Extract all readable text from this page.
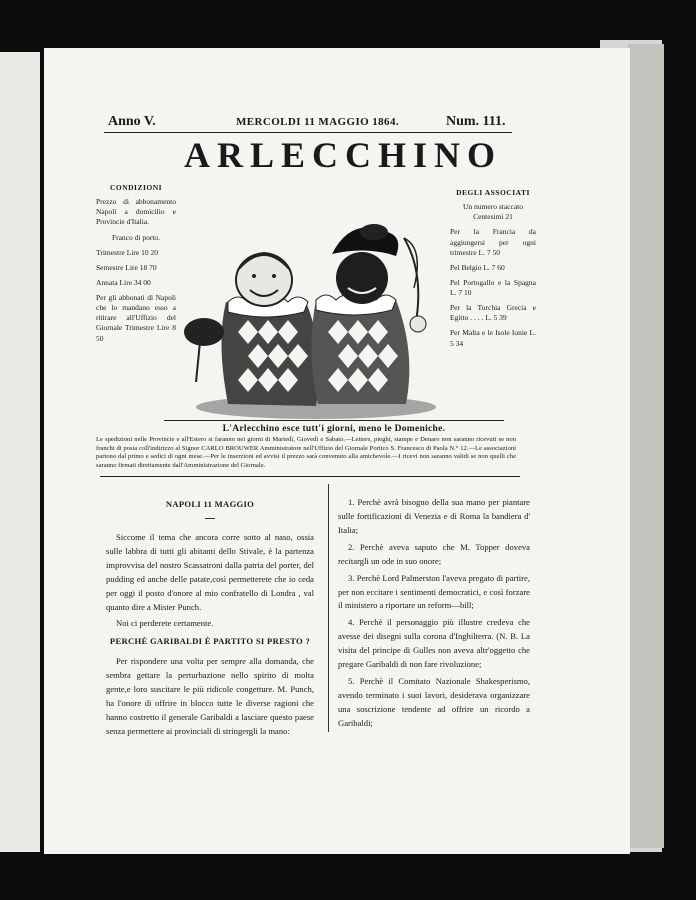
Anno V.	MERCOLDI 11 MAGGIO 1864.	Num. 111.
ARLECCHINO
CONDIZIONI

Prezzo di abbonamento Napoli a domicilio e Provincie d'Italia.

Franco di porto.

Trimestre Lire 10 20

Semestre Lire 18 70

Annata Lire 34 00

Per gli abbonati di Napoli che lo mandano esso a ritirare all'Uffizio del Giornale Trimestre Lire 8 50

DEGLI ASSOCIATI

Un numero staccato Centesimi 21

Per la Francia da aggiungersi per ogni trimestre L. 7 50

Pel Belgio L. 7 60

Pel Portogallo e la Spagna L. 7 10

Per la Turchia Grecia e Egitto . . . . L. 5 39

Per Malta e le Isole Ionie L. 5 34

L'Arlecchino esce tutt'i giorni, meno le Domeniche.
Le spedizioni nelle Provincie e all'Estero si faranno nei giorni di Martedì, Giovedì e Sabato.—Lettere, pieghi, stampe e Denaro non saranno ricevuti se non franchi di posta coll'indirizzo al Signor CARLO BROUWER Amministratore nell'Uffizio del Giornale Portico S. Francesco di Paola N.° 12.—Le associazioni partono dal primo e sedici di ogni mese.—Per le inserzioni ed avvisi il prezzo sarà convenuto alla amichevole.—I ricevi non saranno validi se non quelli che saranno firmati direttamente dall'Amministrazione del Giornale.
NAPOLI 11 MAGGIO

Siccome il tema che ancora corre sotto al naso, ossia sulle labbra di tutti gli abitanti dello Stivale, è la partenza improvvisa del nostro Scassatroni dalla patria del porter, del pudding ed anche delle patate,così permetterete che io ceda per oggi il posto d'onore al mio confratello di Londra , val quanto dire a Mister Punch.

Noi ci perderete certamente.

PERCHÈ GARIBALDI È PARTITO SI PRESTO ?

Per rispondere una volta per sempre alla domanda, che sembra gettare la perturbazione nello spirito di molta gente,e loro suscitare le più ridicole congetture. M. Punch, ha l'onore di offrire in blocco tutte le diverse ragioni che hanno costretto il generale Garibaldi a lasciare questo paese senza permettere ai provinciali di stringergli la mano:

1. Perchè avrà bisogno della sua mano per piantare sulle fortificazioni di Venezia e di Roma la bandiera d' Italia;

2. Perchè aveva saputo che M. Topper doveva recitargli un ode in suo onore;

3. Perchè Lord Palmerston l'aveva pregato di partire, per non eccitare i sentimenti democratici, e così forzare il ministero a riportare un reform—bill;

4. Perchè il personaggio più illustre credeva che avesse dei disegni sulla corona d'Inghilterra. (N. B. La visita del principe di Gulles non aveva altr'oggetto che pregare Garibaldi di non fare rivoluzione;

5. Perchè il Comitato Nazionale Shakesperismo, avendo terminato i suoi lavori, desiderava organizzare una soscrizione tendente ad offrire un ricordo a Garibaldi;
